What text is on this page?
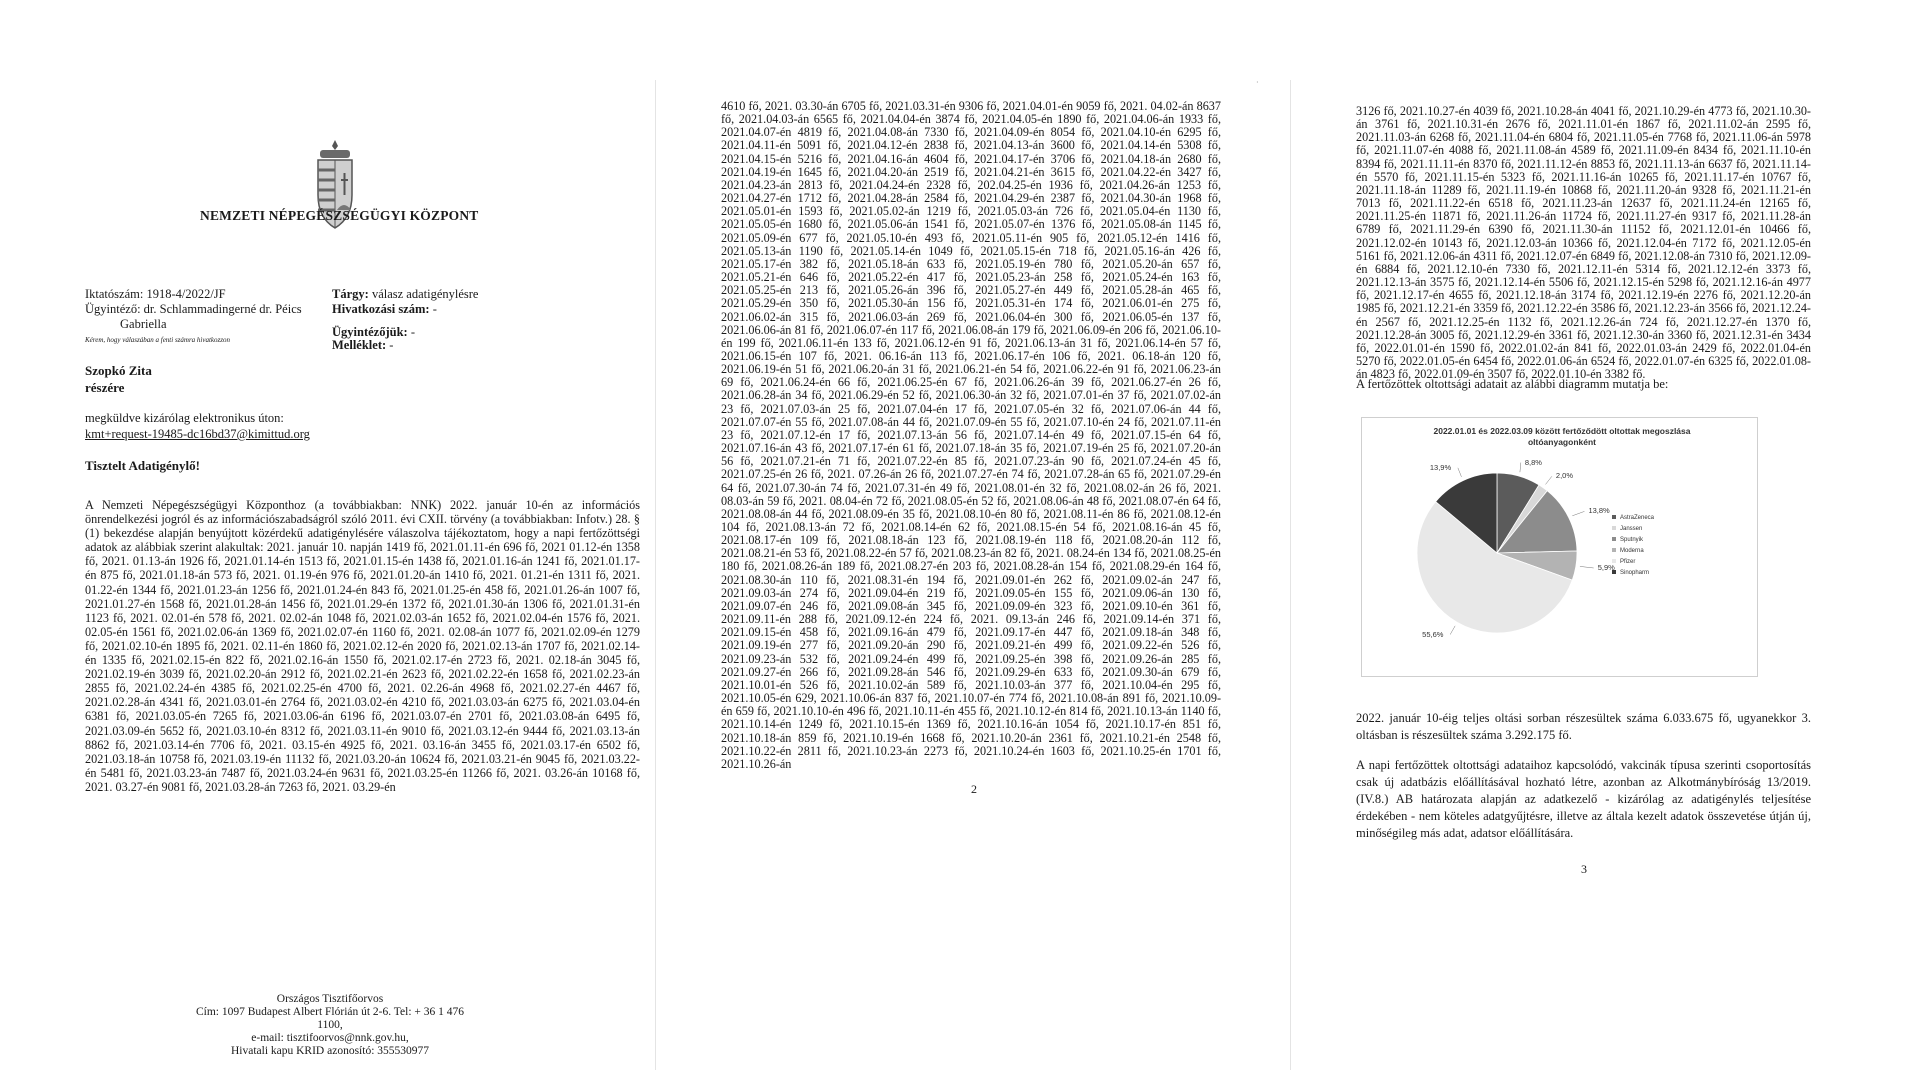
NEMZETI NÉPEGÉSZSÉGÜGYI KÖZPONT
Iktatószám: 1918-4/2022/JF
Ügyintéző: dr. Schlammadingerné dr. Péics
Gabriella
Kérem, hogy válaszában a fenti számra hivatkozzon
Tárgy: válasz adatigénylésre
Hivatkozási szám: -
Ügyintézőjük: -
Melléklet: -
Szopkó Zita
részére
megküldve kizárólag elektronikus úton:
kmt+request-19485-dc16bd37@kimittud.org
Tisztelt Adatigénylő!
A Nemzeti Népegészségügyi Központhoz (a továbbiakban: NNK) 2022. január 10-én az információs önrendelkezési jogról és az információszabadságról szóló 2011. évi CXII. törvény (a továbbiakban: Infotv.) 28. § (1) bekezdése alapján benyújtott közérdekű adatigénylésére válaszolva tájékoztatom, hogy a napi fertőzöttségi adatok az alábbiak szerint alakultak: 2021. január 10. napján 1419 fő, 2021.01.11-én 696 fő, 2021 01.12-én 1358 fő, 2021. 01.13-án 1926 fő, 2021.01.14-én 1513 fő, 2021.01.15-én 1438 fő, 2021.01.16-án 1241 fő, 2021.01.17-én 875 fő, 2021.01.18-án 573 fő, 2021. 01.19-én 976 fő, 2021.01.20-án 1410 fő, 2021. 01.21-én 1311 fő, 2021. 01.22-én 1344 fő, 2021.01.23-án 1256 fő, 2021.01.24-én 843 fő, 2021.01.25-én 458 fő, 2021.01.26-án 1007 fő, 2021.01.27-én 1568 fő, 2021.01.28-án 1456 fő, 2021.01.29-én 1372 fő, 2021.01.30-án 1306 fő, 2021.01.31-én 1123 fő, 2021. 02.01-én 578 fő, 2021. 02.02-án 1048 fő, 2021.02.03-án 1652 fő, 2021.02.04-én 1576 fő, 2021. 02.05-én 1561 fő, 2021.02.06-án 1369 fő, 2021.02.07-én 1160 fő, 2021. 02.08-án 1077 fő, 2021.02.09-én 1279 fő, 2021.02.10-én 1895 fő, 2021. 02.11-én 1860 fő, 2021.02.12-én 2020 fő, 2021.02.13-án 1707 fő, 2021.02.14-én 1335 fő, 2021.02.15-én 822 fő, 2021.02.16-án 1550 fő, 2021.02.17-én 2723 fő, 2021. 02.18-án 3045 fő, 2021.02.19-én 3039 fő, 2021.02.20-án 2912 fő, 2021.02.21-én 2623 fő, 2021.02.22-én 1658 fő, 2021.02.23-án 2855 fő, 2021.02.24-én 4385 fő, 2021.02.25-én 4700 fő, 2021. 02.26-án 4968 fő, 2021.02.27-én 4467 fő, 2021.02.28-án 4341 fő, 2021.03.01-én 2764 fő, 2021.03.02-én 4210 fő, 2021.03.03-án 6275 fő, 2021.03.04-én 6381 fő, 2021.03.05-én 7265 fő, 2021.03.06-án 6196 fő, 2021.03.07-én 2701 fő, 2021.03.08-án 6495 fő, 2021.03.09-én 5652 fő, 2021.03.10-én 8312 fő, 2021.03.11-én 9010 fő, 2021.03.12-én 9444 fő, 2021.03.13-án 8862 fő, 2021.03.14-én 7706 fő, 2021. 03.15-én 4925 fő, 2021. 03.16-án 3455 fő, 2021.03.17-én 6502 fő, 2021.03.18-án 10758 fő, 2021.03.19-én 11132 fő, 2021.03.20-án 10624 fő, 2021.03.21-én 9045 fő, 2021.03.22-én 5481 fő, 2021.03.23-án 7487 fő, 2021.03.24-én 9631 fő, 2021.03.25-én 11266 fő, 2021. 03.26-án 10168 fő, 2021. 03.27-én 9081 fő, 2021.03.28-án 7263 fő, 2021. 03.29-én
Országos Tisztifőorvos
Cím: 1097 Budapest Albert Flórián út 2-6. Tel: + 36 1 476 1100,
e-mail: tisztifoorvos@nnk.gov.hu,
Hivatali kapu KRID azonosító: 355530977
·
4610 fő, 2021. 03.30-án 6705 fő, 2021.03.31-én 9306 fő, 2021.04.01-én 9059 fő, 2021. 04.02-án 8637 fő, 2021.04.03-án 6565 fő, 2021.04.04-én 3874 fő, 2021.04.05-én 1890 fő, 2021.04.06-án 1933 fő, 2021.04.07-én 4819 fő, 2021.04.08-án 7330 fő, 2021.04.09-én 8054 fő, 2021.04.10-én 6295 fő, 2021.04.11-én 5091 fő, 2021.04.12-én 2838 fő, 2021.04.13-án 3600 fő, 2021.04.14-én 5308 fő, 2021.04.15-én 5216 fő, 2021.04.16-án 4604 fő, 2021.04.17-én 3706 fő, 2021.04.18-án 2680 fő, 2021.04.19-én 1645 fő, 2021.04.20-án 2519 fő, 2021.04.21-én 3615 fő, 2021.04.22-én 3427 fő, 2021.04.23-án 2813 fő, 2021.04.24-én 2328 fő, 202.04.25-én 1936 fő, 2021.04.26-án 1253 fő, 2021.04.27-én 1712 fő, 2021.04.28-án 2584 fő, 2021.04.29-én 2387 fő, 2021.04.30-án 1968 fő, 2021.05.01-én 1593 fő, 2021.05.02-án 1219 fő, 2021.05.03-án 726 fő, 2021.05.04-én 1130 fő, 2021.05.05-én 1680 fő, 2021.05.06-án 1541 fő, 2021.05.07-én 1376 fő, 2021.05.08-án 1145 fő, 2021.05.09-én 677 fő, 2021.05.10-én 493 fő, 2021.05.11-én 905 fő, 2021.05.12-én 1416 fő, 2021.05.13-án 1190 fő, 2021.05.14-én 1049 fő, 2021.05.15-én 718 fő, 2021.05.16-án 426 fő, 2021.05.17-én 382 fő, 2021.05.18-án 633 fő, 2021.05.19-én 780 fő, 2021.05.20-án 657 fő, 2021.05.21-én 646 fő, 2021.05.22-én 417 fő, 2021.05.23-án 258 fő, 2021.05.24-én 163 fő, 2021.05.25-én 213 fő, 2021.05.26-án 396 fő, 2021.05.27-én 449 fő, 2021.05.28-án 465 fő, 2021.05.29-én 350 fő, 2021.05.30-án 156 fő, 2021.05.31-én 174 fő, 2021.06.01-én 275 fő, 2021.06.02-án 315 fő, 2021.06.03-án 269 fő, 2021.06.04-én 300 fő, 2021.06.05-én 137 fő, 2021.06.06-án 81 fő, 2021.06.07-én 117 fő, 2021.06.08-án 179 fő, 2021.06.09-én 206 fő, 2021.06.10-én 199 fő, 2021.06.11-én 133 fő, 2021.06.12-én 91 fő, 2021.06.13-án 31 fő, 2021.06.14-én 57 fő, 2021.06.15-én 107 fő, 2021. 06.16-án 113 fő, 2021.06.17-én 106 fő, 2021. 06.18-án 120 fő, 2021.06.19-én 51 fő, 2021.06.20-án 31 fő, 2021.06.21-én 54 fő, 2021.06.22-én 91 fő, 2021.06.23-án 69 fő, 2021.06.24-én 66 fő, 2021.06.25-én 67 fő, 2021.06.26-án 39 fő, 2021.06.27-én 26 fő, 2021.06.28-án 34 fő, 2021.06.29-én 52 fő, 2021.06.30-án 32 fő, 2021.07.01-én 37 fő, 2021.07.02-án 23 fő, 2021.07.03-án 25 fő, 2021.07.04-én 17 fő, 2021.07.05-én 32 fő, 2021.07.06-án 44 fő, 2021.07.07-én 55 fő, 2021.07.08-án 44 fő, 2021.07.09-én 55 fő, 2021.07.10-én 24 fő, 2021.07.11-én 23 fő, 2021.07.12-én 17 fő, 2021.07.13-án 56 fő, 2021.07.14-én 49 fő, 2021.07.15-én 64 fő, 2021.07.16-án 43 fő, 2021.07.17-én 61 fő, 2021.07.18-án 35 fő, 2021.07.19-én 25 fő, 2021.07.20-án 56 fő, 2021.07.21-én 71 fő, 2021.07.22-én 85 fő, 2021.07.23-án 90 fő, 2021.07.24-én 45 fő, 2021.07.25-én 26 fő, 2021. 07.26-án 26 fő, 2021.07.27-én 74 fő, 2021.07.28-án 65 fő, 2021.07.29-én 64 fő, 2021.07.30-án 74 fő, 2021.07.31-én 49 fő, 2021.08.01-én 32 fő, 2021.08.02-án 26 fő, 2021. 08.03-án 59 fő, 2021. 08.04-én 72 fő, 2021.08.05-én 52 fő, 2021.08.06-án 48 fő, 2021.08.07-én 64 fő, 2021.08.08-án 44 fő, 2021.08.09-én 35 fő, 2021.08.10-én 80 fő, 2021.08.11-én 86 fő, 2021.08.12-én 104 fő, 2021.08.13-án 72 fő, 2021.08.14-én 62 fő, 2021.08.15-én 54 fő, 2021.08.16-án 45 fő, 2021.08.17-én 109 fő, 2021.08.18-án 123 fő, 2021.08.19-én 118 fő, 2021.08.20-án 112 fő, 2021.08.21-én 53 fő, 2021.08.22-én 57 fő, 2021.08.23-án 82 fő, 2021. 08.24-én 134 fő, 2021.08.25-én 180 fő, 2021.08.26-án 189 fő, 2021.08.27-én 203 fő, 2021.08.28-án 154 fő, 2021.08.29-én 164 fő, 2021.08.30-án 110 fő, 2021.08.31-én 194 fő, 2021.09.01-én 262 fő, 2021.09.02-án 247 fő, 2021.09.03-án 274 fő, 2021.09.04-én 219 fő, 2021.09.05-én 155 fő, 2021.09.06-án 130 fő, 2021.09.07-én 246 fő, 2021.09.08-án 345 fő, 2021.09.09-én 323 fő, 2021.09.10-én 361 fő, 2021.09.11-én 288 fő, 2021.09.12-én 224 fő, 2021. 09.13-án 246 fő, 2021.09.14-én 371 fő, 2021.09.15-én 458 fő, 2021.09.16-án 479 fő, 2021.09.17-én 447 fő, 2021.09.18-án 348 fő, 2021.09.19-én 277 fő, 2021.09.20-án 290 fő, 2021.09.21-én 499 fő, 2021.09.22-én 526 fő, 2021.09.23-án 532 fő, 2021.09.24-én 499 fő, 2021.09.25-én 398 fő, 2021.09.26-án 285 fő, 2021.09.27-én 266 fő, 2021.09.28-án 546 fő, 2021.09.29-én 633 fő, 2021.09.30-án 679 fő, 2021.10.01-én 526 fő, 2021.10.02-án 589 fő, 2021.10.03-án 377 fő, 2021.10.04-én 295 fő, 2021.10.05-én 629, 2021.10.06-án 837 fő, 2021.10.07-én 774 fő, 2021.10.08-án 891 fő, 2021.10.09-én 659 fő, 2021.10.10-én 496 fő, 2021.10.11-én 455 fő, 2021.10.12-én 814 fő, 2021.10.13-án 1140 fő, 2021.10.14-én 1249 fő, 2021.10.15-én 1369 fő, 2021.10.16-án 1054 fő, 2021.10.17-én 851 fő, 2021.10.18-án 859 fő, 2021.10.19-én 1668 fő, 2021.10.20-án 2361 fő, 2021.10.21-én 2548 fő, 2021.10.22-én 2811 fő, 2021.10.23-án 2273 fő, 2021.10.24-én 1603 fő, 2021.10.25-én 1701 fő, 2021.10.26-án
2
3126 fő, 2021.10.27-én 4039 fő, 2021.10.28-án 4041 fő, 2021.10.29-én 4773 fő, 2021.10.30-án 3761 fő, 2021.10.31-én 2676 fő, 2021.11.01-én 1867 fő, 2021.11.02-án 2595 fő, 2021.11.03-án 6268 fő, 2021.11.04-én 6804 fő, 2021.11.05-én 7768 fő, 2021.11.06-án 5978 fő, 2021.11.07-én 4088 fő, 2021.11.08-án 4589 fő, 2021.11.09-én 8434 fő, 2021.11.10-én 8394 fő, 2021.11.11-én 8370 fő, 2021.11.12-én 8853 fő, 2021.11.13-án 6637 fő, 2021.11.14-én 5570 fő, 2021.11.15-én 5323 fő, 2021.11.16-án 10265 fő, 2021.11.17-én 10767 fő, 2021.11.18-án 11289 fő, 2021.11.19-én 10868 fő, 2021.11.20-án 9328 fő, 2021.11.21-én 7013 fő, 2021.11.22-én 6518 fő, 2021.11.23-án 12637 fő, 2021.11.24-én 12165 fő, 2021.11.25-én 11871 fő, 2021.11.26-án 11724 fő, 2021.11.27-én 9317 fő, 2021.11.28-án 6789 fő, 2021.11.29-én 6390 fő, 2021.11.30-án 11152 fő, 2021.12.01-én 10466 fő, 2021.12.02-én 10143 fő, 2021.12.03-án 10366 fő, 2021.12.04-én 7172 fő, 2021.12.05-én 5161 fő, 2021.12.06-án 4311 fő, 2021.12.07-én 6849 fő, 2021.12.08-án 7310 fő, 2021.12.09-én 6884 fő, 2021.12.10-én 7330 fő, 2021.12.11-én 5314 fő, 2021.12.12-én 3373 fő, 2021.12.13-án 3575 fő, 2021.12.14-én 5506 fő, 2021.12.15-én 5298 fő, 2021.12.16-án 4977 fő, 2021.12.17-én 4655 fő, 2021.12.18-án 3174 fő, 2021.12.19-én 2276 fő, 2021.12.20-án 1985 fő, 2021.12.21-én 3359 fő, 2021.12.22-én 3586 fő, 2021.12.23-án 3566 fő, 2021.12.24-én 2567 fő, 2021.12.25-én 1132 fő, 2021.12.26-án 724 fő, 2021.12.27-én 1370 fő, 2021.12.28-án 3005 fő, 2021.12.29-én 3361 fő, 2021.12.30-án 3360 fő, 2021.12.31-én 3434 fő, 2022.01.01-én 1590 fő, 2022.01.02-án 841 fő, 2022.01.03-án 2429 fő, 2022.01.04-én 5270 fő, 2022.01.05-én 6454 fő, 2022.01.06-án 6524 fő, 2022.01.07-én 6325 fő, 2022.01.08-án 4823 fő, 2022.01.09-én 3507 fő, 2022.01.10-én 3382 fő.
A fertőzöttek oltottsági adatait az alábbi diagramm mutatja be:
2022.01.01 és 2022.03.09 között fertőződött oltottak megoszlása oltóanyagonként
AstraZeneca
Janssen
Sputnyik
Moderna
Pfizer
Sinopharm
8,8%
2,0%
13,8%
5,9%
55,6%
13,9%
2022. január 10-éig teljes oltási sorban részesültek száma 6.033.675 fő, ugyanekkor 3. oltásban is részesültek száma 3.292.175 fő.
A napi fertőzöttek oltottsági adataihoz kapcsolódó, vakcinák típusa szerinti csoportosítás csak új adatbázis előállításával hozható létre, azonban az Alkotmánybíróság 13/2019. (IV.8.) AB határozata alapján az adatkezelő - kizárólag az adatigénylés teljesítése érdekében - nem köteles adatgyűjtésre, illetve az általa kezelt adatok összevetése útján új, minőségileg más adat, adatsor előállítására.
3
